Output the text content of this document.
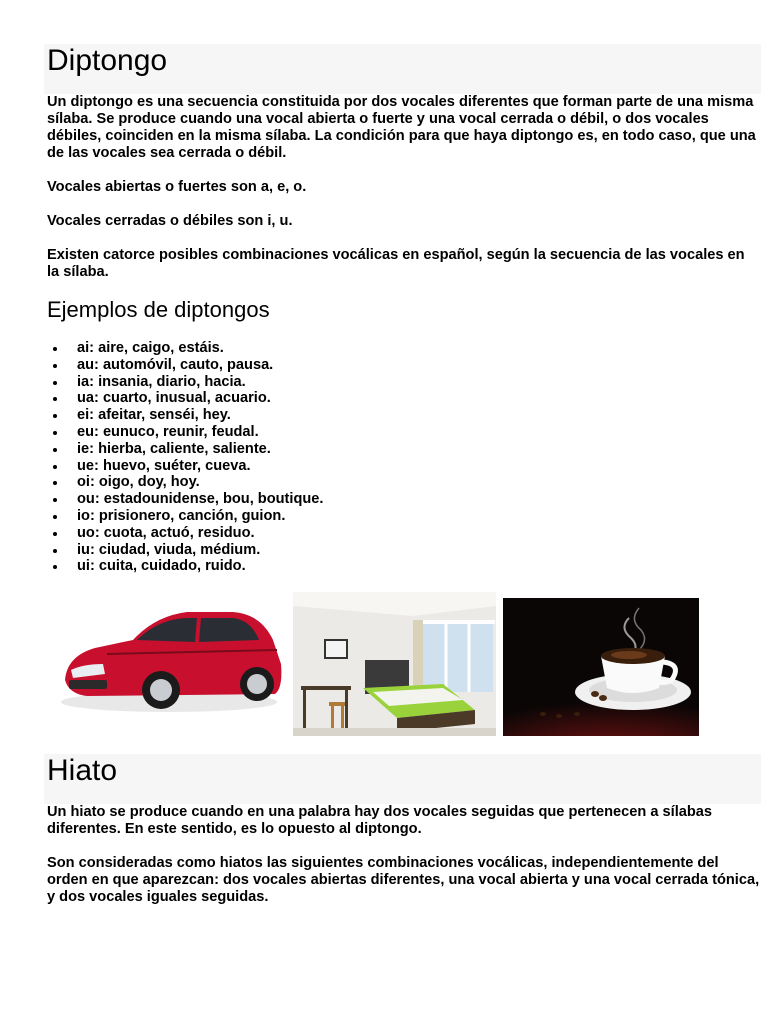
Diptongo

Un diptongo es una secuencia constituida por dos vocales diferentes que forman parte de una misma sílaba. Se produce cuando una vocal abierta o fuerte y una vocal cerrada o débil, o dos vocales débiles, coinciden en la misma sílaba. La condición para que haya diptongo es, en todo caso, que una de las vocales sea cerrada o débil.

Vocales abiertas o fuertes son a, e, o.

Vocales cerradas o débiles son i, u.

Existen catorce posibles combinaciones vocálicas en español, según la secuencia de las vocales en la sílaba.

Ejemplos de diptongos
ai: aire, caigo, estáis.
au: automóvil, cauto, pausa.
ia: insania, diario, hacia.
ua: cuarto, inusual, acuario.
ei: afeitar, senséi, hey.
eu: eunuco, reunir, feudal.
ie: hierba, caliente, saliente.
ue: huevo, suéter, cueva.
oi: oigo, doy, hoy.
ou: estadounidense, bou, boutique.
io: prisionero, canción, guion.
uo: cuota, actuó, residuo.
iu: ciudad, viuda, médium.
ui: cuita, cuidado, ruido.
Hiato

Un hiato se produce cuando en una palabra hay dos vocales seguidas que pertenecen a sílabas diferentes. En este sentido, es lo opuesto al diptongo.

Son consideradas como hiatos las siguientes combinaciones vocálicas, independientemente del orden en que aparezcan: dos vocales abiertas diferentes, una vocal abierta y una vocal cerrada tónica, y dos vocales iguales seguidas.
